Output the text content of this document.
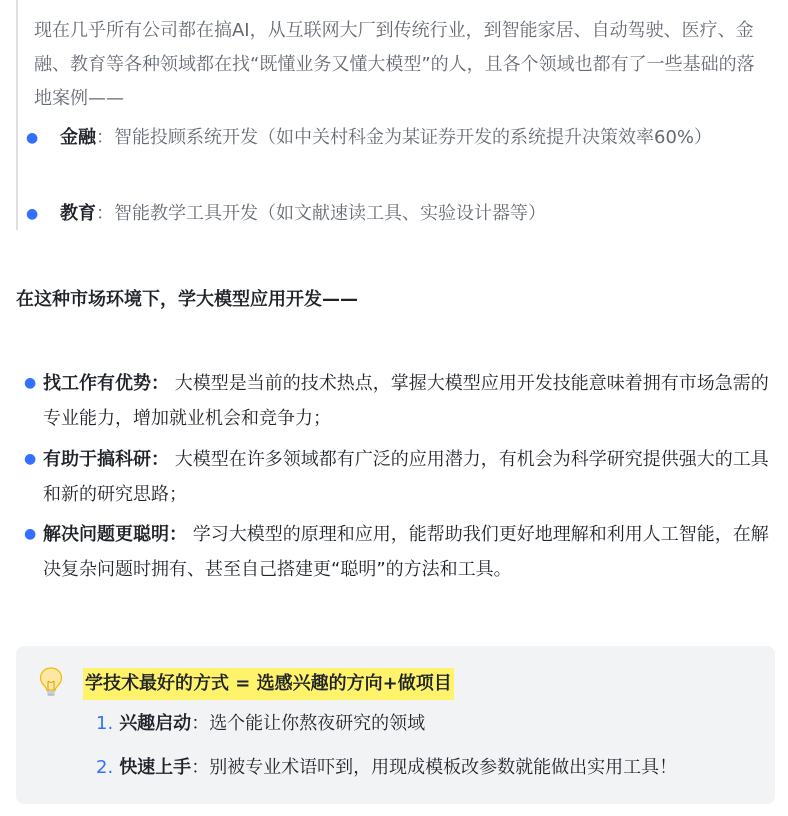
现在几乎所有公司都在搞AI，从互联网大厂到传统行业，到智能家居、自动驾驶、医疗、金融、教育等各种领域都在找“既懂业务又懂大模型”的人，且各个领域也都有了一些基础的落地案例——
● 金融：智能投顾系统开发（如中关村科金为某证券开发的系统提升决策效率60%）
● 教育：智能教学工具开发（如文献速读工具、实验设计器等）
在这种市场环境下，学大模型应用开发——
● 找工作有优势： 大模型是当前的技术热点，掌握大模型应用开发技能意味着拥有市场急需的专业能力，增加就业机会和竞争力；
● 有助于搞科研： 大模型在许多领域都有广泛的应用潜力，有机会为科学研究提供强大的工具和新的研究思路；
● 解决问题更聪明： 学习大模型的原理和应用，能帮助我们更好地理解和利用人工智能，在解决复杂问题时拥有、甚至自己搭建更“聪明”的方法和工具。
学技术最好的方式 = 选感兴趣的方向+做项目
1. 兴趣启动：选个能让你熬夜研究的领域
2. 快速上手：别被专业术语吓到，用现成模板改参数就能做出实用工具！
